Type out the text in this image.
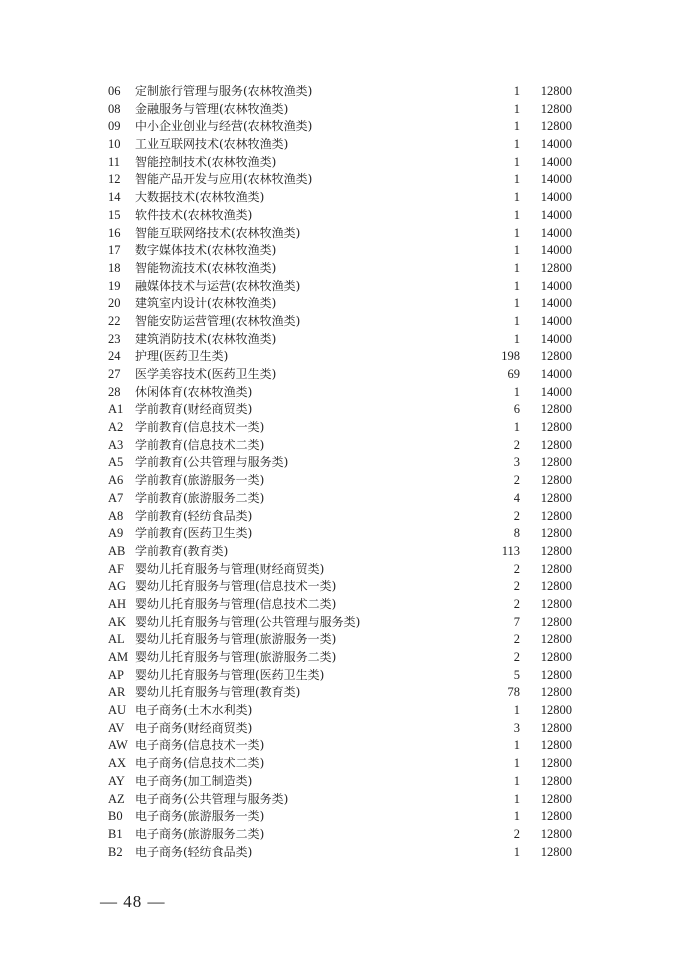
06 定制旅行管理与服务(农林牧渔类)	1 12800
08 金融服务与管理(农林牧渔类)	1 12800
09 中小企业创业与经营(农林牧渔类)	1 12800
10 工业互联网技术(农林牧渔类)	1 14000
11 智能控制技术(农林牧渔类)	1 14000
12 智能产品开发与应用(农林牧渔类)	1 14000
14 大数据技术(农林牧渔类)	1 14000
15 软件技术(农林牧渔类)	1 14000
16 智能互联网络技术(农林牧渔类)	1 14000
17 数字媒体技术(农林牧渔类)	1 14000
18 智能物流技术(农林牧渔类)	1 12800
19 融媒体技术与运营(农林牧渔类)	1 14000
20 建筑室内设计(农林牧渔类)	1 14000
22 智能安防运营管理(农林牧渔类)	1 14000
23 建筑消防技术(农林牧渔类)	1 14000
24 护理(医药卫生类)	198 12800
27 医学美容技术(医药卫生类)	69 14000
28 休闲体育(农林牧渔类)	1 14000
A1 学前教育(财经商贸类)	6 12800
A2 学前教育(信息技术一类)	1 12800
A3 学前教育(信息技术二类)	2 12800
A5 学前教育(公共管理与服务类)	3 12800
A6 学前教育(旅游服务一类)	2 12800
A7 学前教育(旅游服务二类)	4 12800
A8 学前教育(轻纺食品类)	2 12800
A9 学前教育(医药卫生类)	8 12800
AB 学前教育(教育类)	113 12800
AF 婴幼儿托育服务与管理(财经商贸类)	2 12800
AG 婴幼儿托育服务与管理(信息技术一类)	2 12800
AH 婴幼儿托育服务与管理(信息技术二类)	2 12800
AK 婴幼儿托育服务与管理(公共管理与服务类)	7 12800
AL 婴幼儿托育服务与管理(旅游服务一类)	2 12800
AM 婴幼儿托育服务与管理(旅游服务二类)	2 12800
AP 婴幼儿托育服务与管理(医药卫生类)	5 12800
AR 婴幼儿托育服务与管理(教育类)	78 12800
AU 电子商务(土木水利类)	1 12800
AV 电子商务(财经商贸类)	3 12800
AW 电子商务(信息技术一类)	1 12800
AX 电子商务(信息技术二类)	1 12800
AY 电子商务(加工制造类)	1 12800
AZ 电子商务(公共管理与服务类)	1 12800
B0 电子商务(旅游服务一类)	1 12800
B1 电子商务(旅游服务二类)	2 12800
B2 电子商务(轻纺食品类)	1 12800
— 48 —
